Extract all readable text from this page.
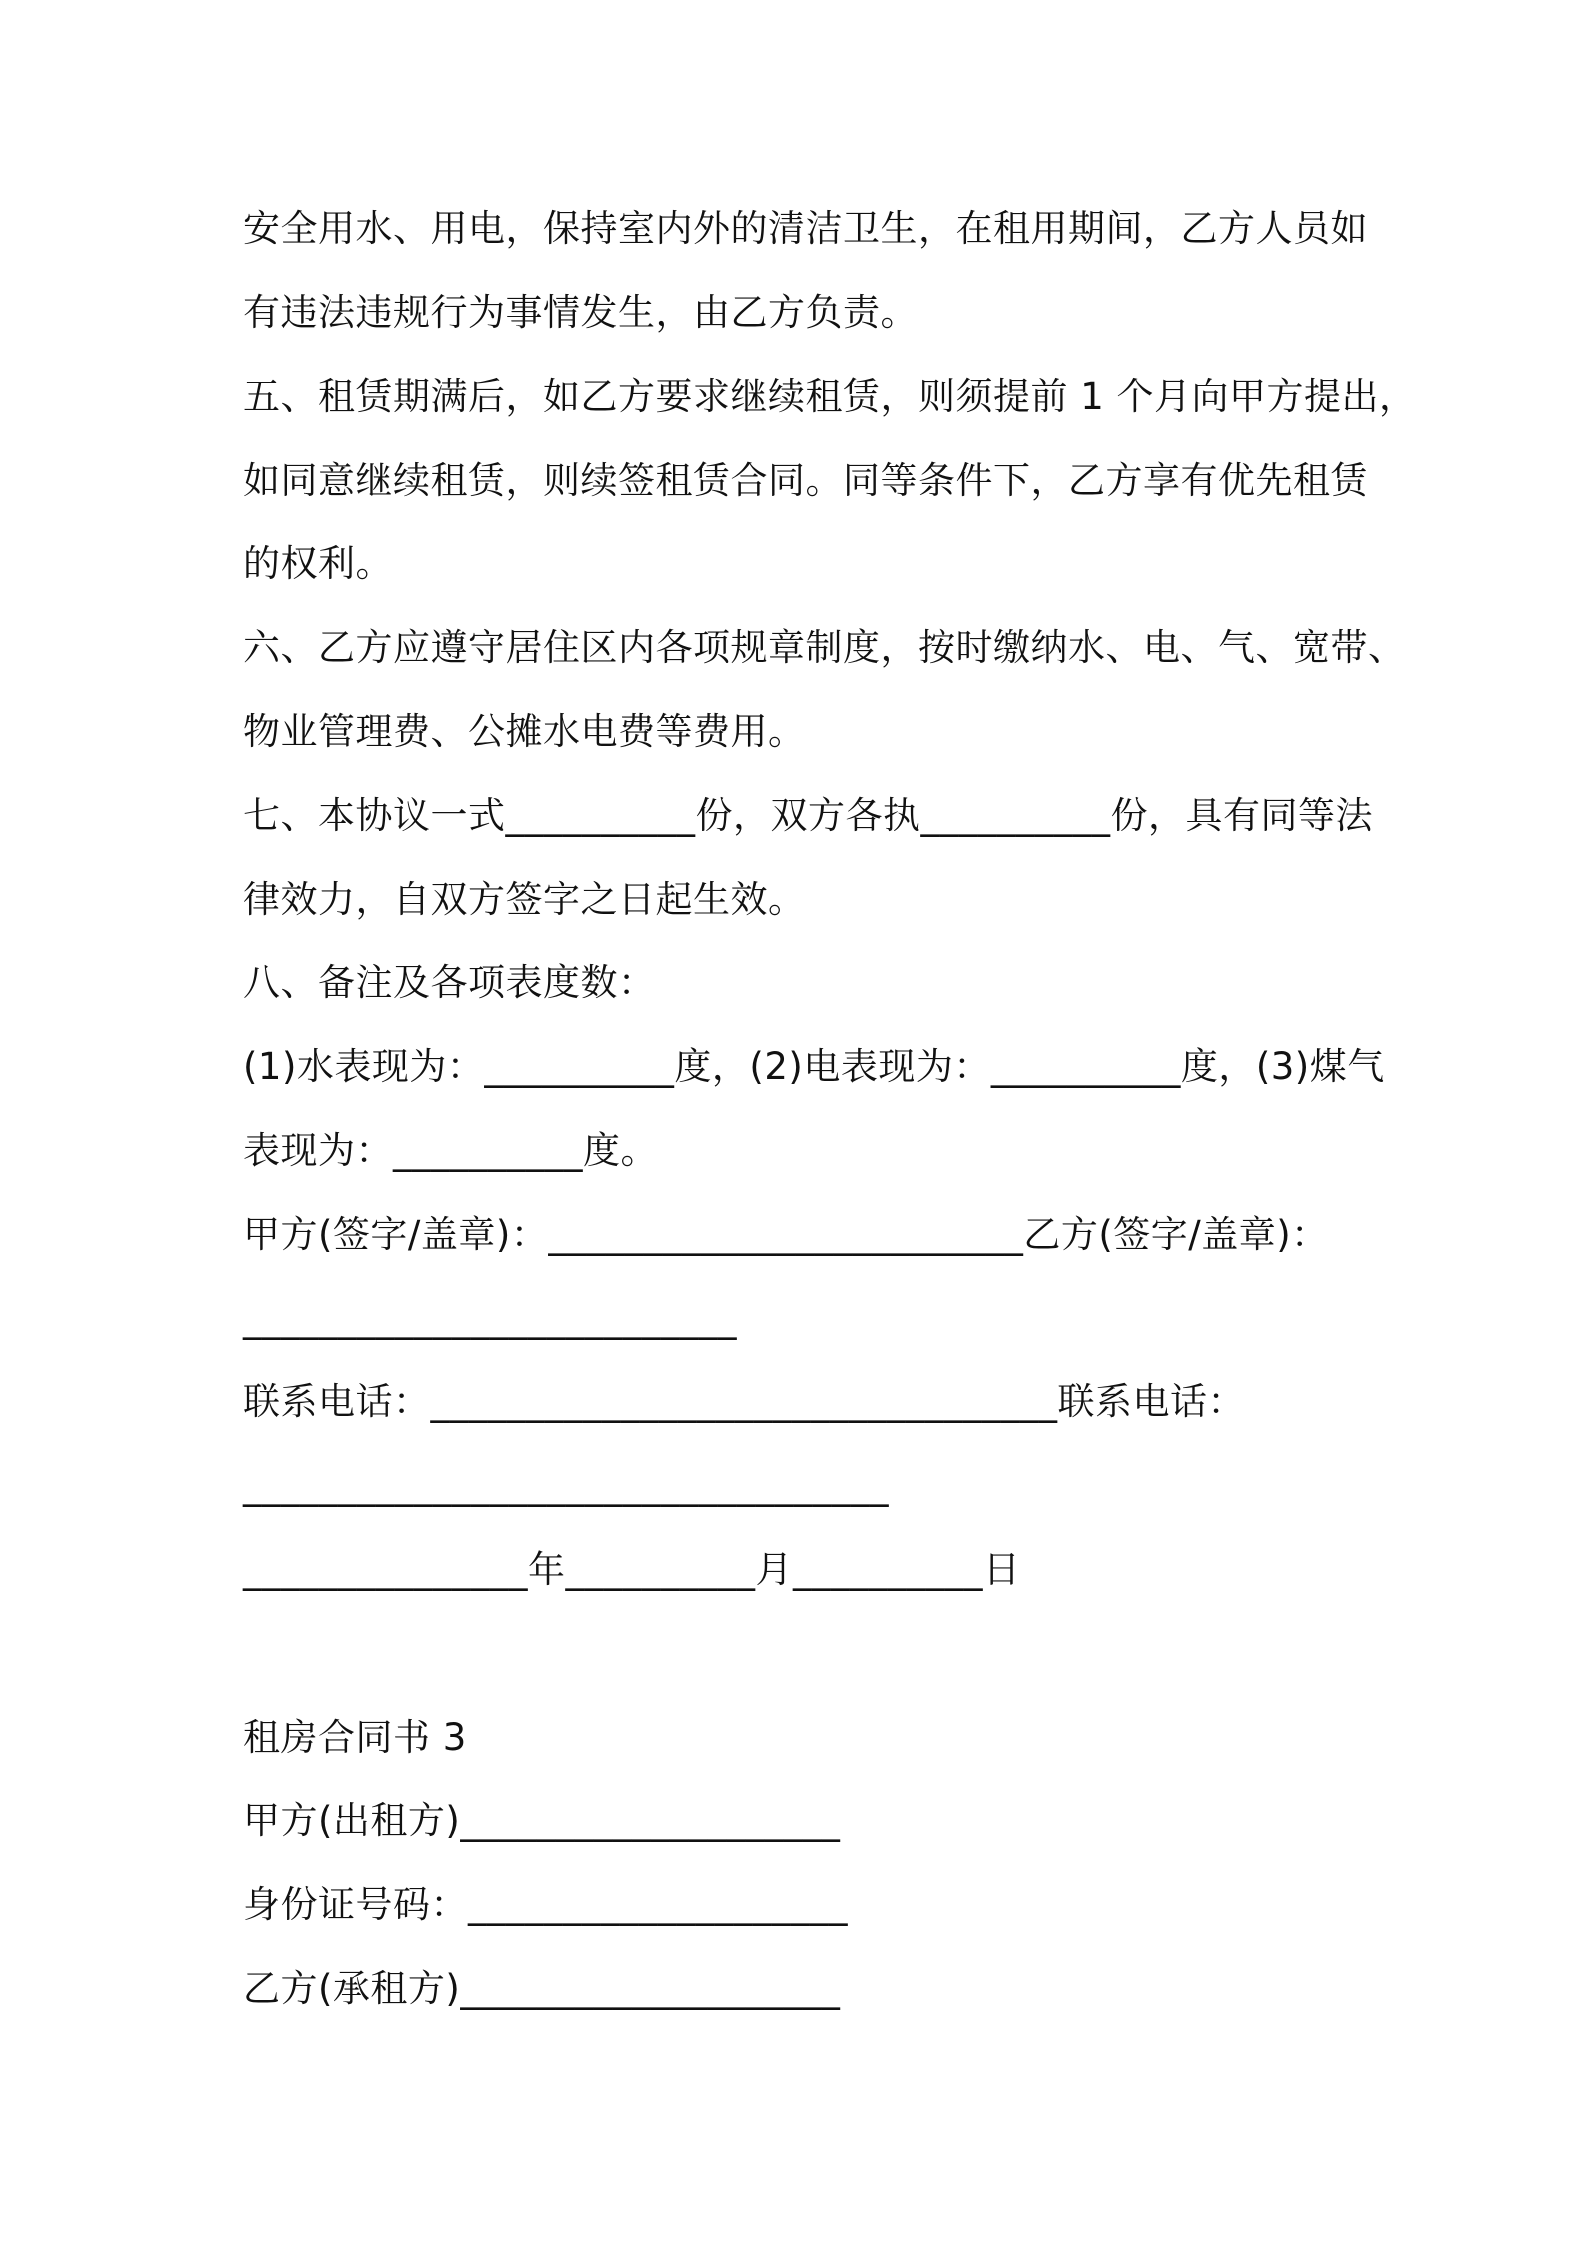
安全用水、用电，保持室内外的清洁卫生，在租用期间，乙方人员如
有违法违规行为事情发生，由乙方负责。
五、租赁期满后，如乙方要求继续租赁，则须提前 1 个月向甲方提出，
如同意继续租赁，则续签租赁合同。同等条件下，乙方享有优先租赁
的权利。
六、乙方应遵守居住区内各项规章制度，按时缴纳水、电、气、宽带、
物业管理费、公摊水电费等费用。
七、本协议一式__________份，双方各执__________份，具有同等法
律效力，自双方签字之日起生效。
八、备注及各项表度数：
(1)水表现为：__________度，(2)电表现为：__________度，(3)煤气
表现为：__________度。
甲方(签字/盖章)：_________________________乙方(签字/盖章)：
__________________________
联系电话：_________________________________联系电话：
__________________________________
_______________年__________月__________日
租房合同书 3
甲方(出租方)____________________
身份证号码：____________________
乙方(承租方)____________________
